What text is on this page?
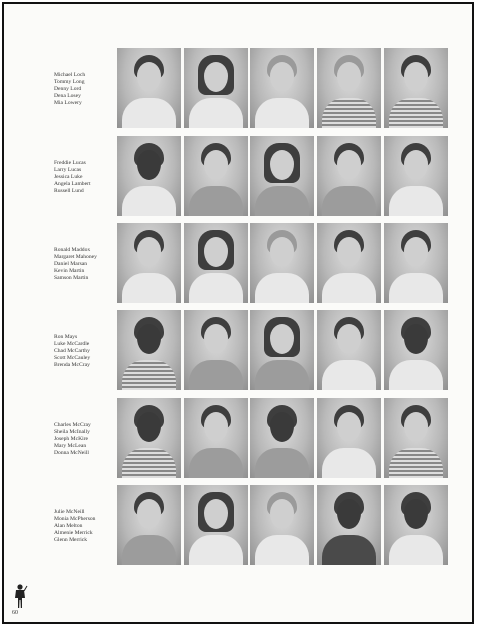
Michael Loch
Tommy Long
Denny Lord
Dena Losey
Mia Lowery
Freddie Lucas
Larry Lucas
Jessica Luke
Angela Lambert
Russell Lund
Ronald Maddox
Margaret Mahoney
Daniel Marsan
Kevin Martin
Samson Martin
Ron Mays
Luke McCardle
Chad McCarthy
Scott McCauley
Brenda McCray
Charles McCray
Sheila McInally
Joseph McKire
Mary McLean
Donna McNeill
Julie McNeill
Monia McPherson
Alan Melton
Almenie Merrick
Glenn Merrick
60
